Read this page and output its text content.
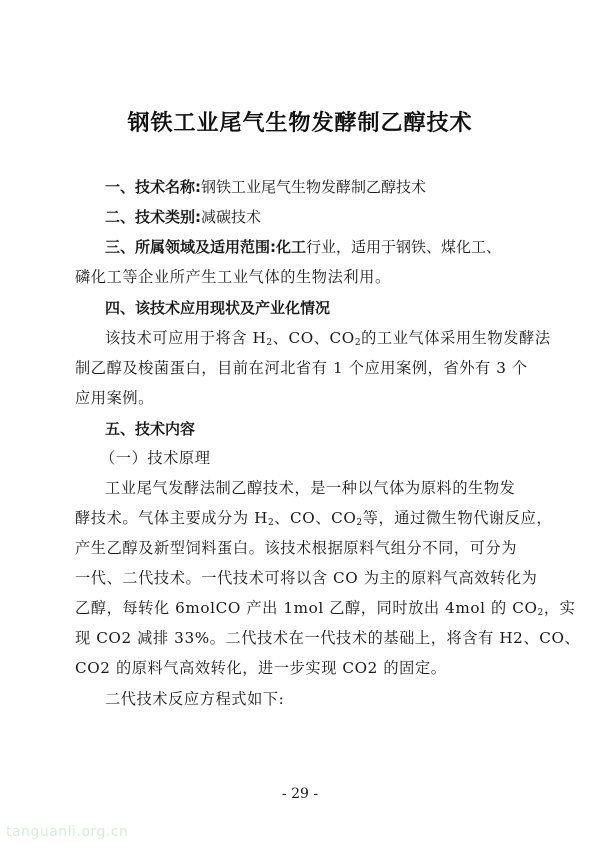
钢铁工业尾气生物发酵制乙醇技术
一、技术名称:钢铁工业尾气生物发酵制乙醇技术
二、技术类别:减碳技术
三、所属领域及适用范围:化工行业，适用于钢铁、煤化工、
磷化工等企业所产生工业气体的生物法利用。
四、该技术应用现状及产业化情况
该技术可应用于将含 $H_2$、CO、$CO_2$的工业气体采用生物发酵法
制乙醇及梭菌蛋白，目前在河北省有 1 个应用案例，省外有 3 个
应用案例。
五、技术内容
（一）技术原理
工业尾气发酵法制乙醇技术，是一种以气体为原料的生物发
酵技术。气体主要成分为 $H_2$、CO、$CO_2$等，通过微生物代谢反应，
产生乙醇及新型饲料蛋白。该技术根据原料气组分不同，可分为
一代、二代技术。一代技术可将以含 CO 为主的原料气高效转化为
乙醇，每转化 6molCO 产出 1mol 乙醇，同时放出 4mol 的 $CO_2$，实
现 CO2 减排 33%。二代技术在一代技术的基础上，将含有 H2、CO、
CO2 的原料气高效转化，进一步实现 CO2 的固定。
二代技术反应方程式如下:
- 29 -
tanguanli.org.cn
